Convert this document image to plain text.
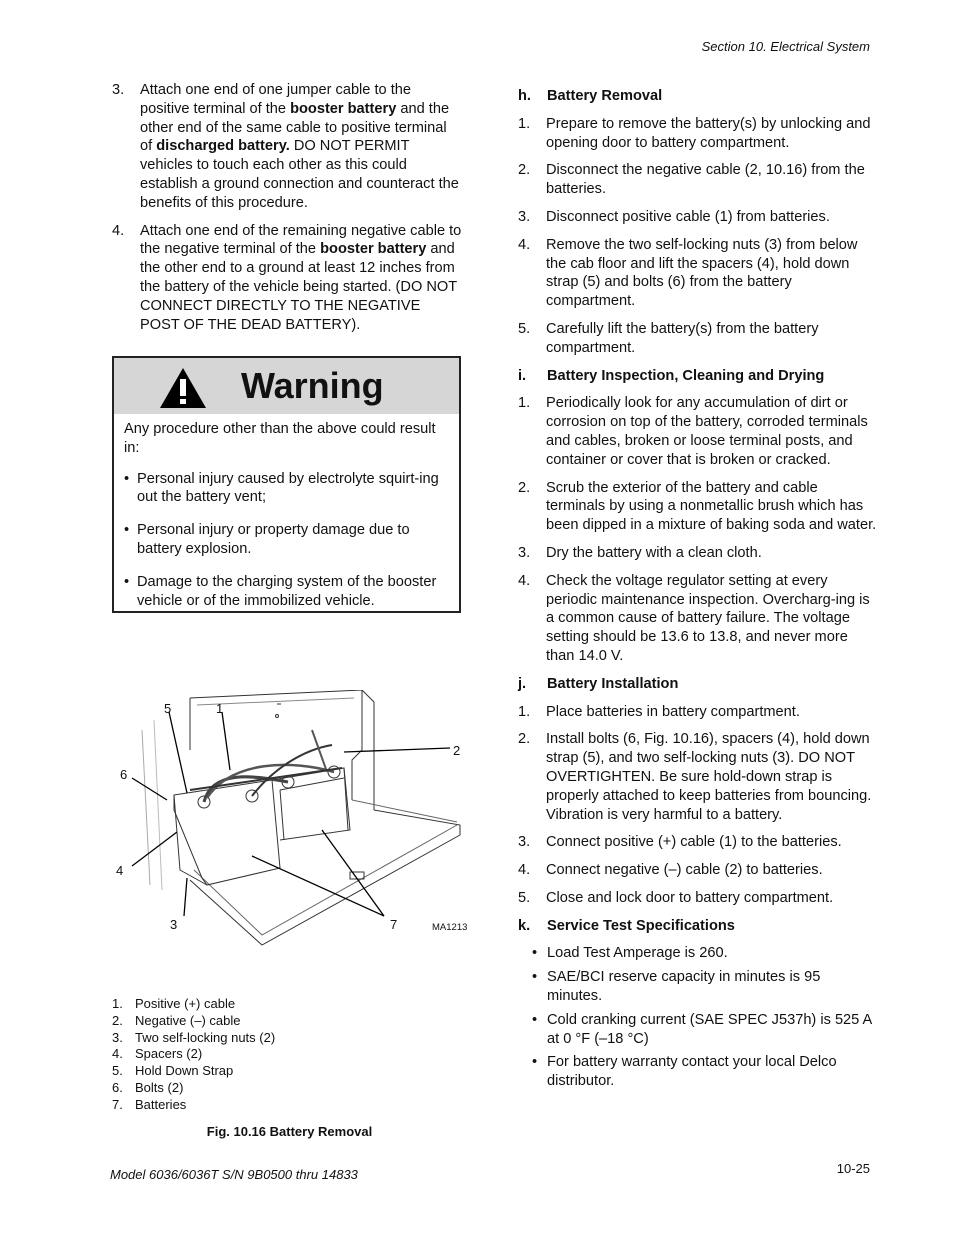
Section 10. Electrical System
3. Attach one end of one jumper cable to the positive terminal of the booster battery and the other end of the same cable to positive terminal of discharged battery. DO NOT PERMIT vehicles to touch each other as this could establish a ground connection and counteract the benefits of this procedure.
4. Attach one end of the remaining negative cable to the negative terminal of the booster battery and the other end to a ground at least 12 inches from the battery of the vehicle being started. (DO NOT CONNECT DIRECTLY TO THE NEGATIVE POST OF THE DEAD BATTERY).
Warning
Any procedure other than the above could result in:
• Personal injury caused by electrolyte squirt-ing out the battery vent;
• Personal injury or property damage due to battery explosion.
• Damage to the charging system of the booster vehicle or of the immobilized vehicle.
5	1
2
6
4
3	7	MA1213
1. Positive (+) cable
2. Negative (–) cable
3. Two self-locking nuts (2)
4. Spacers (2)
5. Hold Down Strap
6. Bolts (2)
7. Batteries
Fig. 10.16 Battery Removal
h. Battery Removal
1. Prepare to remove the battery(s) by unlocking and opening door to battery compartment.
2. Disconnect the negative cable (2, 10.16) from the batteries.
3. Disconnect positive cable (1) from batteries.
4. Remove the two self-locking nuts (3) from below the cab floor and lift the spacers (4), hold down strap (5) and bolts (6) from the battery compartment.
5. Carefully lift the battery(s) from the battery compartment.
i. Battery Inspection, Cleaning and Drying
1. Periodically look for any accumulation of dirt or corrosion on top of the battery, corroded terminals and cables, broken or loose terminal posts, and container or cover that is broken or cracked.
2. Scrub the exterior of the battery and cable terminals by using a nonmetallic brush which has been dipped in a mixture of baking soda and water.
3. Dry the battery with a clean cloth.
4. Check the voltage regulator setting at every periodic maintenance inspection. Overcharg-ing is a common cause of battery failure. The voltage setting should be 13.6 to 13.8, and never more than 14.0 V.
j. Battery Installation
1. Place batteries in battery compartment.
2. Install bolts (6, Fig. 10.16), spacers (4), hold down strap (5), and two self-locking nuts (3). DO NOT OVERTIGHTEN. Be sure hold-down strap is properly attached to keep batteries from bouncing. Vibration is very harmful to a battery.
3. Connect positive (+) cable (1) to the batteries.
4. Connect negative (–) cable (2) to batteries.
5. Close and lock door to battery compartment.
k. Service Test Specifications
• Load Test Amperage is 260.
• SAE/BCI reserve capacity in minutes is 95 minutes.
• Cold cranking current (SAE SPEC J537h) is 525 A at 0 °F (–18 °C)
• For battery warranty contact your local Delco distributor.
Model 6036/6036T S/N 9B0500 thru 14833	10-25
